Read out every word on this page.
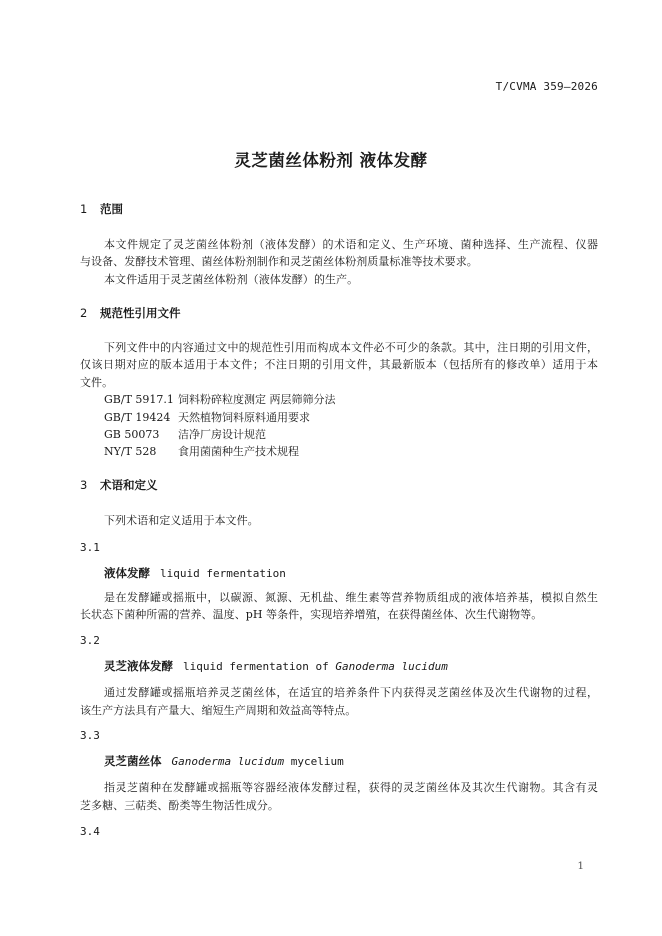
T/CVMA 359—2026
灵芝菌丝体粉剂 液体发酵
1 范围
本文件规定了灵芝菌丝体粉剂（液体发酵）的术语和定义、生产环境、菌种选择、生产流程、仪器
与设备、发酵技术管理、菌丝体粉剂制作和灵芝菌丝体粉剂质量标准等技术要求。
本文件适用于灵芝菌丝体粉剂（液体发酵）的生产。
2 规范性引用文件
下列文件中的内容通过文中的规范性引用而构成本文件必不可少的条款。其中，注日期的引用文件，
仅该日期对应的版本适用于本文件；不注日期的引用文件，其最新版本（包括所有的修改单）适用于本
文件。
GB/T 5917.1 饲料粉碎粒度测定 两层筛筛分法
GB/T 19424 天然植物饲料原料通用要求
GB 50073 洁净厂房设计规范
NY/T 528 食用菌菌种生产技术规程
3 术语和定义
下列术语和定义适用于本文件。
3.1
液体发酵 liquid fermentation
是在发酵罐或摇瓶中，以碳源、氮源、无机盐、维生素等营养物质组成的液体培养基，模拟自然生
长状态下菌种所需的营养、温度、pH 等条件，实现培养增殖，在获得菌丝体、次生代谢物等。
3.2
灵芝液体发酵 liquid fermentation of Ganoderma lucidum
通过发酵罐或摇瓶培养灵芝菌丝体，在适宜的培养条件下内获得灵芝菌丝体及次生代谢物的过程，
该生产方法具有产量大、缩短生产周期和效益高等特点。
3.3
灵芝菌丝体 Ganoderma lucidum mycelium
指灵芝菌种在发酵罐或摇瓶等容器经液体发酵过程，获得的灵芝菌丝体及其次生代谢物。其含有灵
芝多糖、三萜类、酚类等生物活性成分。
3.4
1
